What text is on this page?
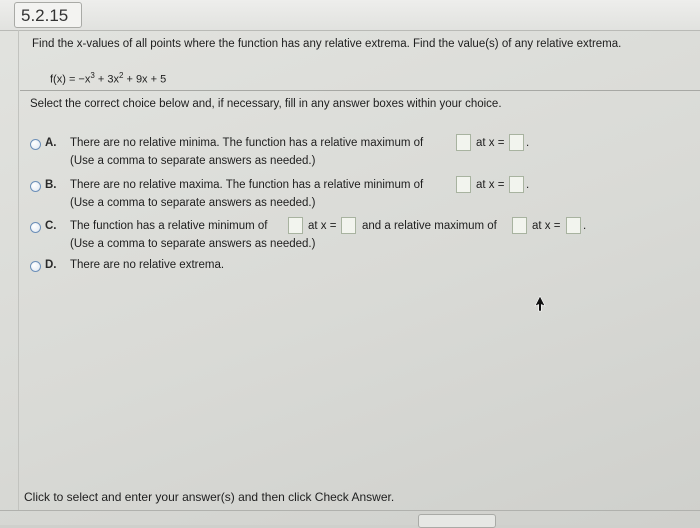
5.2.15
Find the x-values of all points where the function has any relative extrema. Find the value(s) of any relative extrema.
$f(x) = -x^3 + 3x^2 + 9x + 5$
Select the correct choice below and, if necessary, fill in any answer boxes within your choice.
A. There are no relative minima. The function has a relative maximum of	at x = .
(Use a comma to separate answers as needed.)
B. There are no relative maxima. The function has a relative minimum of	at x = .
(Use a comma to separate answers as needed.)
C. The function has a relative minimum of	at x = and a relative maximum of	at x = .
(Use a comma to separate answers as needed.)
D. There are no relative extrema.
Click to select and enter your answer(s) and then click Check Answer.
